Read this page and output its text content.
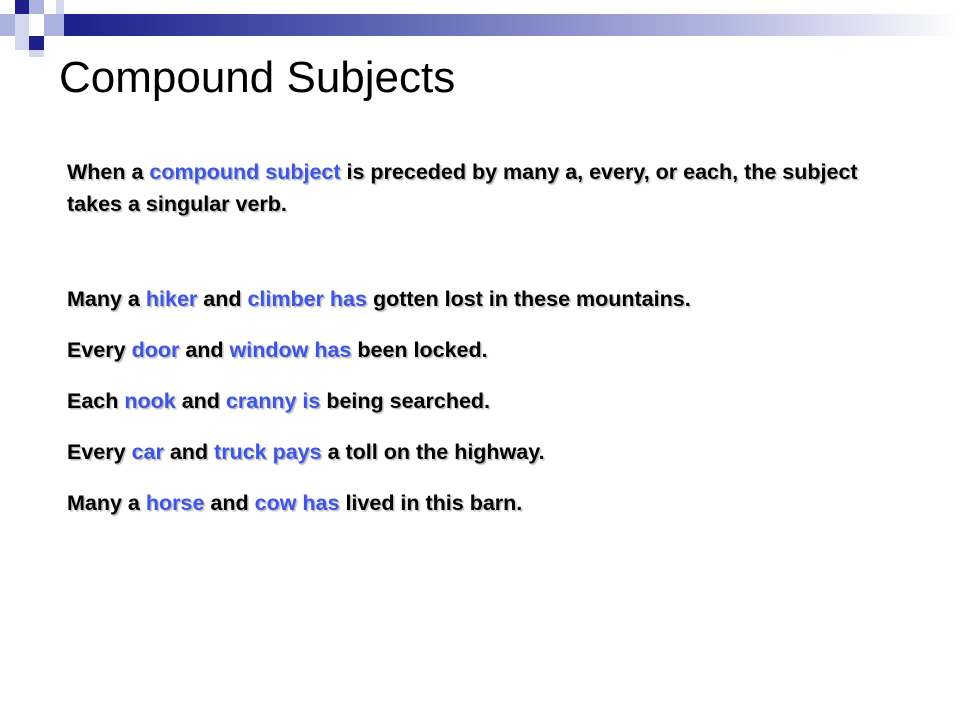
Compound Subjects

When a compound subject is preceded by many a, every, or each, the subject takes a singular verb.

Many a hiker and climber has gotten lost in these mountains.
Every door and window has been locked.
Each nook and cranny is being searched.
Every car and truck pays a toll on the highway.
Many a horse and cow has lived in this barn.
